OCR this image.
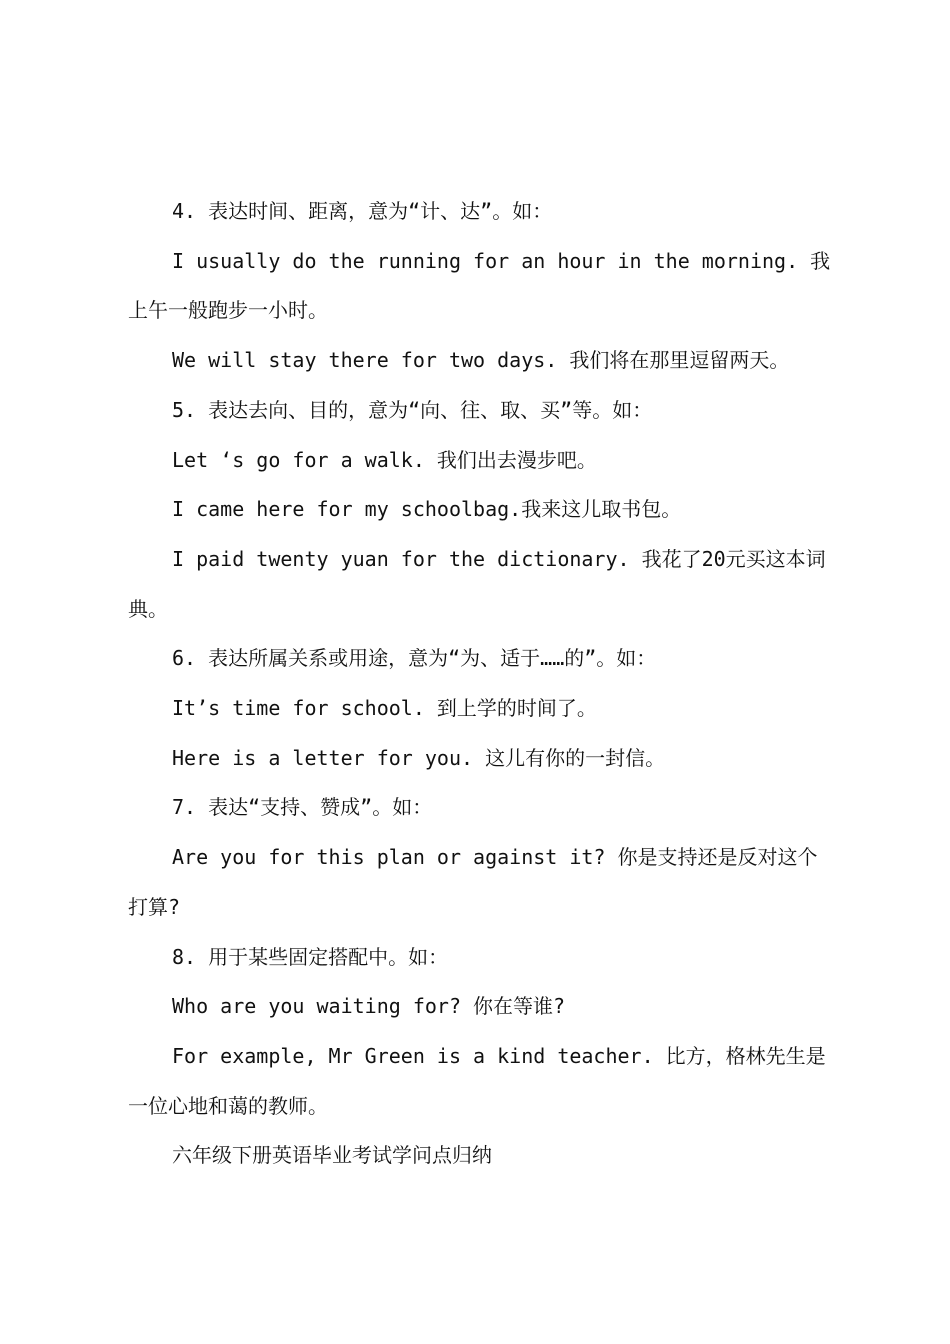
4. 表达时间、距离，意为“计、达”。如：

I usually do the running for an hour in the morning. 我上午一般跑步一小时。

We will stay there for two days. 我们将在那里逗留两天。

5. 表达去向、目的，意为“向、往、取、买”等。如：

Let ‘s go for a walk. 我们出去漫步吧。

I came here for my schoolbag.我来这儿取书包。

I paid twenty yuan for the dictionary. 我花了20元买这本词典。

6. 表达所属关系或用途，意为“为、适于……的”。如：

It’s time for school. 到上学的时间了。

Here is a letter for you. 这儿有你的一封信。

7. 表达“支持、赞成”。如：

Are you for this plan or against it? 你是支持还是反对这个打算?

8. 用于某些固定搭配中。如：

Who are you waiting for? 你在等谁?

For example, Mr Green is a kind teacher. 比方，格林先生是一位心地和蔼的教师。

六年级下册英语毕业考试学问点归纳
